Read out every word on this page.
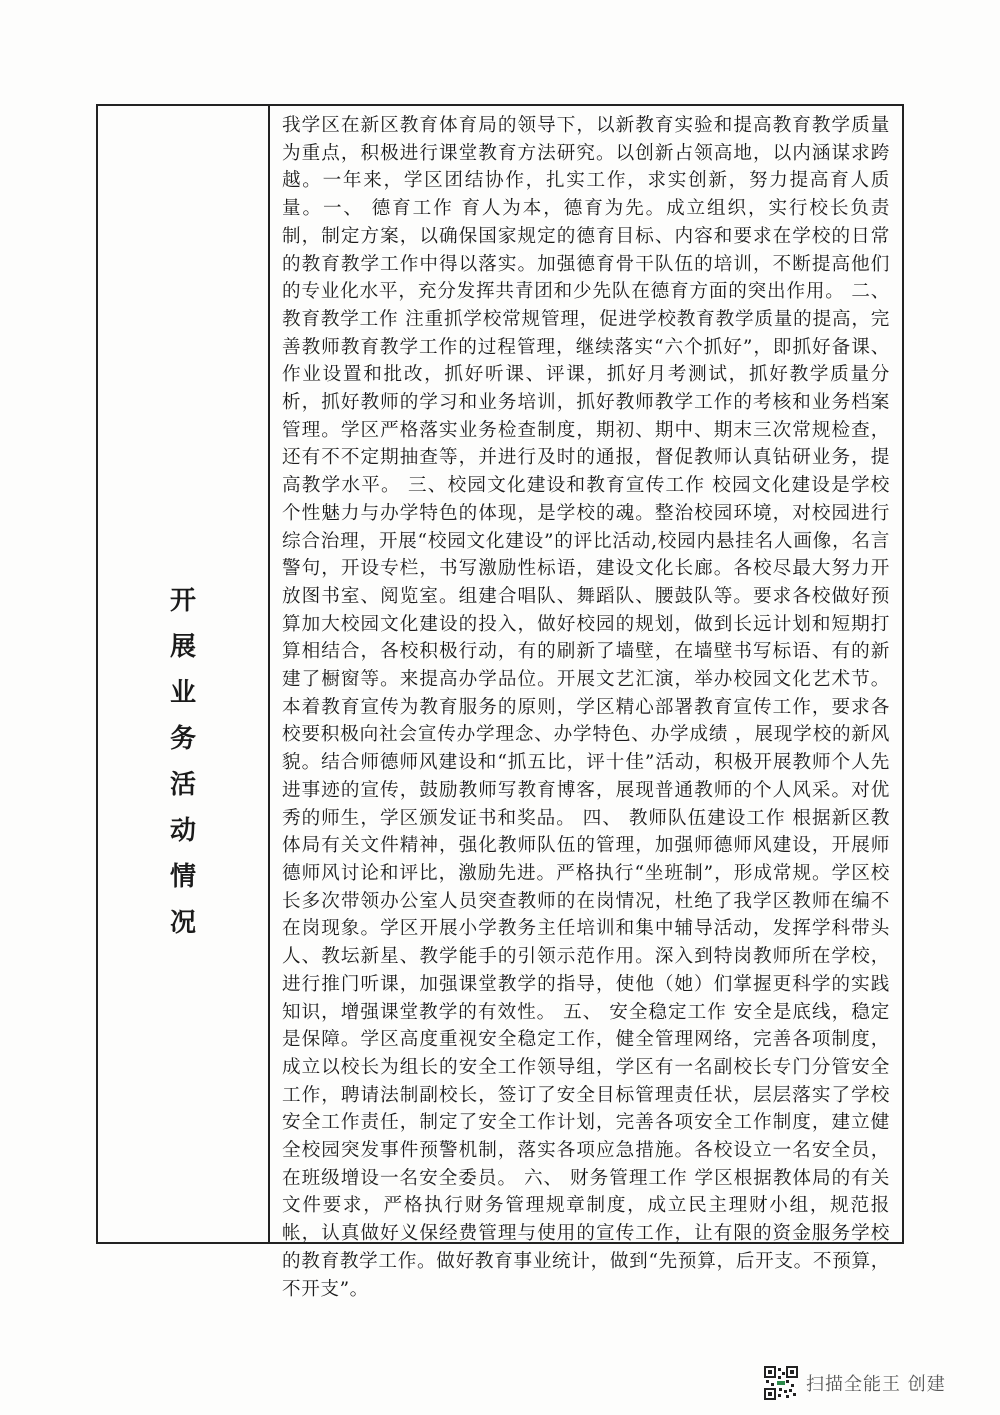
开
展
业
务
活
动
情
况

我学区在新区教育体育局的领导下，以新教育实验和提高教育教学质量为重点，积极进行课堂教育方法研究。以创新占领高地，以内涵谋求跨越。一年来，学区团结协作，扎实工作，求实创新，努力提高育人质量。一、 德育工作 育人为本，德育为先。成立组织，实行校长负责制，制定方案，以确保国家规定的德育目标、内容和要求在学校的日常的教育教学工作中得以落实。加强德育骨干队伍的培训，不断提高他们的专业化水平，充分发挥共青团和少先队在德育方面的突出作用。 二、教育教学工作 注重抓学校常规管理，促进学校教育教学质量的提高，完善教师教育教学工作的过程管理，继续落实“六个抓好”，即抓好备课、作业设置和批改，抓好听课、评课，抓好月考测试，抓好教学质量分析，抓好教师的学习和业务培训，抓好教师教学工作的考核和业务档案管理。学区严格落实业务检查制度，期初、期中、期末三次常规检查，还有不不定期抽查等，并进行及时的通报，督促教师认真钻研业务，提高教学水平。 三、校园文化建设和教育宣传工作 校园文化建设是学校个性魅力与办学特色的体现，是学校的魂。整治校园环境，对校园进行综合治理，开展“校园文化建设”的评比活动,校园内悬挂名人画像，名言警句，开设专栏，书写激励性标语，建设文化长廊。各校尽最大努力开放图书室、阅览室。组建合唱队、舞蹈队、腰鼓队等。要求各校做好预算加大校园文化建设的投入，做好校园的规划，做到长远计划和短期打算相结合，各校积极行动，有的刷新了墙壁，在墙壁书写标语、有的新建了橱窗等。来提高办学品位。开展文艺汇演，举办校园文化艺术节。 本着教育宣传为教育服务的原则，学区精心部署教育宣传工作，要求各校要积极向社会宣传办学理念、办学特色、办学成绩 ，展现学校的新风貌。结合师德师风建设和“抓五比，评十佳”活动，积极开展教师个人先进事迹的宣传，鼓励教师写教育博客，展现普通教师的个人风采。对优秀的师生，学区颁发证书和奖品。 四、 教师队伍建设工作 根据新区教体局有关文件精神，强化教师队伍的管理，加强师德师风建设，开展师德师风讨论和评比，激励先进。严格执行“坐班制”，形成常规。学区校长多次带领办公室人员突查教师的在岗情况，杜绝了我学区教师在编不在岗现象。学区开展小学教务主任培训和集中辅导活动，发挥学科带头人、教坛新星、教学能手的引领示范作用。深入到特岗教师所在学校，进行推门听课，加强课堂教学的指导，使他（她）们掌握更科学的实践知识，增强课堂教学的有效性。 五、 安全稳定工作 安全是底线，稳定是保障。学区高度重视安全稳定工作，健全管理网络，完善各项制度，成立以校长为组长的安全工作领导组，学区有一名副校长专门分管安全工作，聘请法制副校长，签订了安全目标管理责任状，层层落实了学校安全工作责任，制定了安全工作计划，完善各项安全工作制度，建立健全校园突发事件预警机制，落实各项应急措施。各校设立一名安全员，在班级增设一名安全委员。 六、 财务管理工作 学区根据教体局的有关文件要求，严格执行财务管理规章制度，成立民主理财小组，规范报帐，认真做好义保经费管理与使用的宣传工作，让有限的资金服务学校的教育教学工作。做好教育事业统计，做到“先预算，后开支。不预算，不开支”。

扫描全能王 创建
